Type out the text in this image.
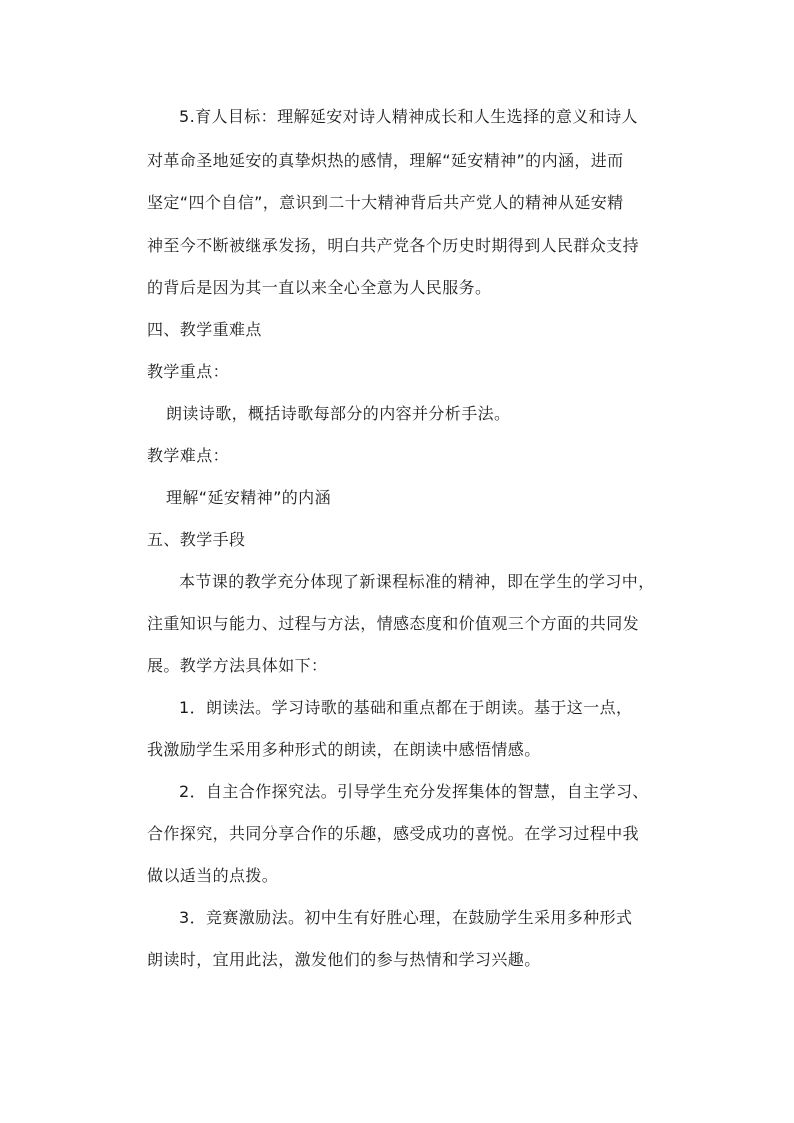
5.育人目标：理解延安对诗人精神成长和人生选择的意义和诗人
对革命圣地延安的真挚炽热的感情，理解“延安精神”的内涵，进而
坚定“四个自信”，意识到二十大精神背后共产党人的精神从延安精
神至今不断被继承发扬，明白共产党各个历史时期得到人民群众支持
的背后是因为其一直以来全心全意为人民服务。
四、教学重难点
教学重点：
朗读诗歌，概括诗歌每部分的内容并分析手法。
教学难点：
理解“延安精神”的内涵
五、教学手段
本节课的教学充分体现了新课程标准的精神，即在学生的学习中，
注重知识与能力、过程与方法，情感态度和价值观三个方面的共同发
展。教学方法具体如下：
1．朗读法。学习诗歌的基础和重点都在于朗读。基于这一点，
我激励学生采用多种形式的朗读，在朗读中感悟情感。
2．自主合作探究法。引导学生充分发挥集体的智慧，自主学习、
合作探究，共同分享合作的乐趣，感受成功的喜悦。在学习过程中我
做以适当的点拨。
3．竞赛激励法。初中生有好胜心理，在鼓励学生采用多种形式
朗读时，宜用此法，激发他们的参与热情和学习兴趣。
